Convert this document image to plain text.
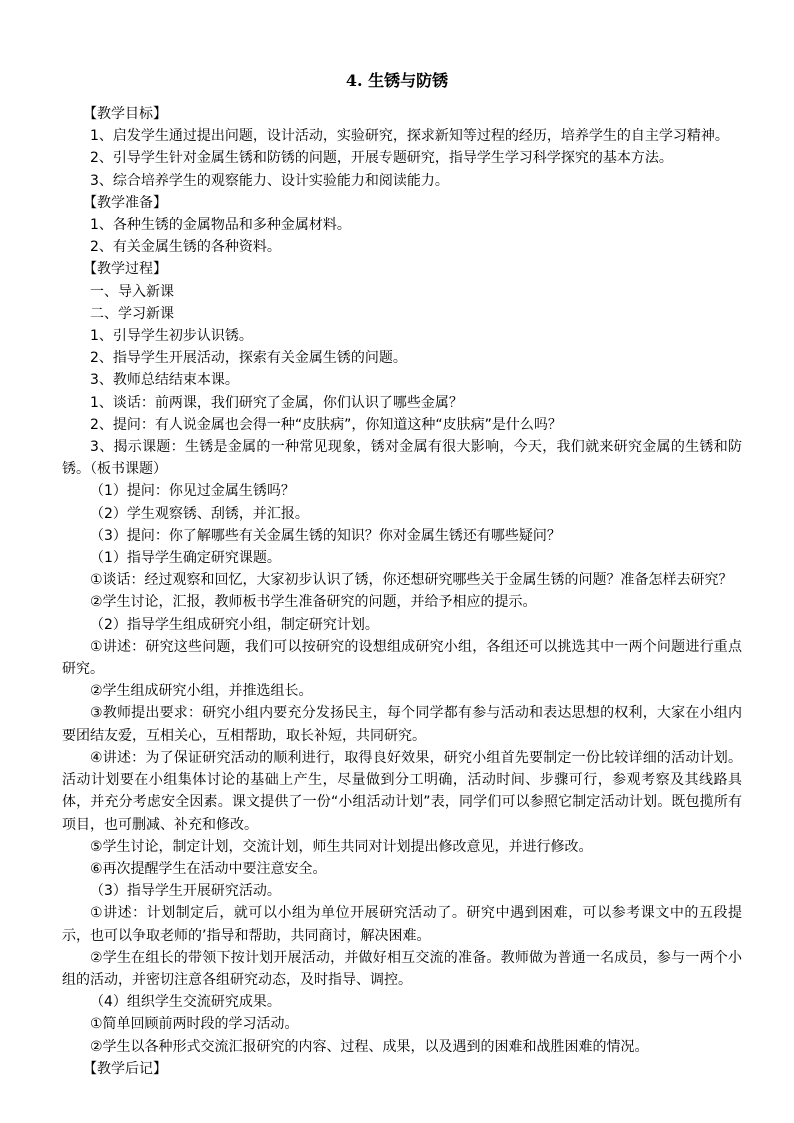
4. 生锈与防锈

【教学目标】

1、启发学生通过提出问题，设计活动，实验研究，探求新知等过程的经历，培养学生的自主学习精神。

2、引导学生针对金属生锈和防锈的问题，开展专题研究，指导学生学习科学探究的基本方法。

3、综合培养学生的观察能力、设计实验能力和阅读能力。

【教学准备】

1、各种生锈的金属物品和多种金属材料。

2、有关金属生锈的各种资料。

【教学过程】

一、导入新课

二、学习新课

1、引导学生初步认识锈。

2、指导学生开展活动，探索有关金属生锈的问题。

3、教师总结结束本课。

1、谈话：前两课，我们研究了金属，你们认识了哪些金属？

2、提问：有人说金属也会得一种“皮肤病”，你知道这种“皮肤病”是什么吗？

3、揭示课题：生锈是金属的一种常见现象，锈对金属有很大影响，今天，我们就来研究金属的生锈和防锈。（板书课题）

（1）提问：你见过金属生锈吗？

（2）学生观察锈、刮锈，并汇报。

（3）提问：你了解哪些有关金属生锈的知识？你对金属生锈还有哪些疑问？

（1）指导学生确定研究课题。

①谈话：经过观察和回忆，大家初步认识了锈，你还想研究哪些关于金属生锈的问题？准备怎样去研究？

②学生讨论，汇报，教师板书学生准备研究的问题，并给予相应的提示。

（2）指导学生组成研究小组，制定研究计划。

①讲述：研究这些问题，我们可以按研究的设想组成研究小组，各组还可以挑选其中一两个问题进行重点研究。

②学生组成研究小组，并推选组长。

③教师提出要求：研究小组内要充分发扬民主，每个同学都有参与活动和表达思想的权利，大家在小组内要团结友爱，互相关心，互相帮助，取长补短，共同研究。

④讲述：为了保证研究活动的顺利进行，取得良好效果，研究小组首先要制定一份比较详细的活动计划。活动计划要在小组集体讨论的基础上产生，尽量做到分工明确，活动时间、步骤可行，参观考察及其线路具体，并充分考虑安全因素。课文提供了一份“小组活动计划”表，同学们可以参照它制定活动计划。既包揽所有项目，也可删减、补充和修改。

⑤学生讨论，制定计划，交流计划，师生共同对计划提出修改意见，并进行修改。

⑥再次提醒学生在活动中要注意安全。

（3）指导学生开展研究活动。

①讲述：计划制定后，就可以小组为单位开展研究活动了。研究中遇到困难，可以参考课文中的五段提示，也可以争取老师的’指导和帮助，共同商讨，解决困难。

②学生在组长的带领下按计划开展活动，并做好相互交流的准备。教师做为普通一名成员，参与一两个小组的活动，并密切注意各组研究动态，及时指导、调控。

（4）组织学生交流研究成果。

①简单回顾前两时段的学习活动。

②学生以各种形式交流汇报研究的内容、过程、成果，以及遇到的困难和战胜困难的情况。

【教学后记】
